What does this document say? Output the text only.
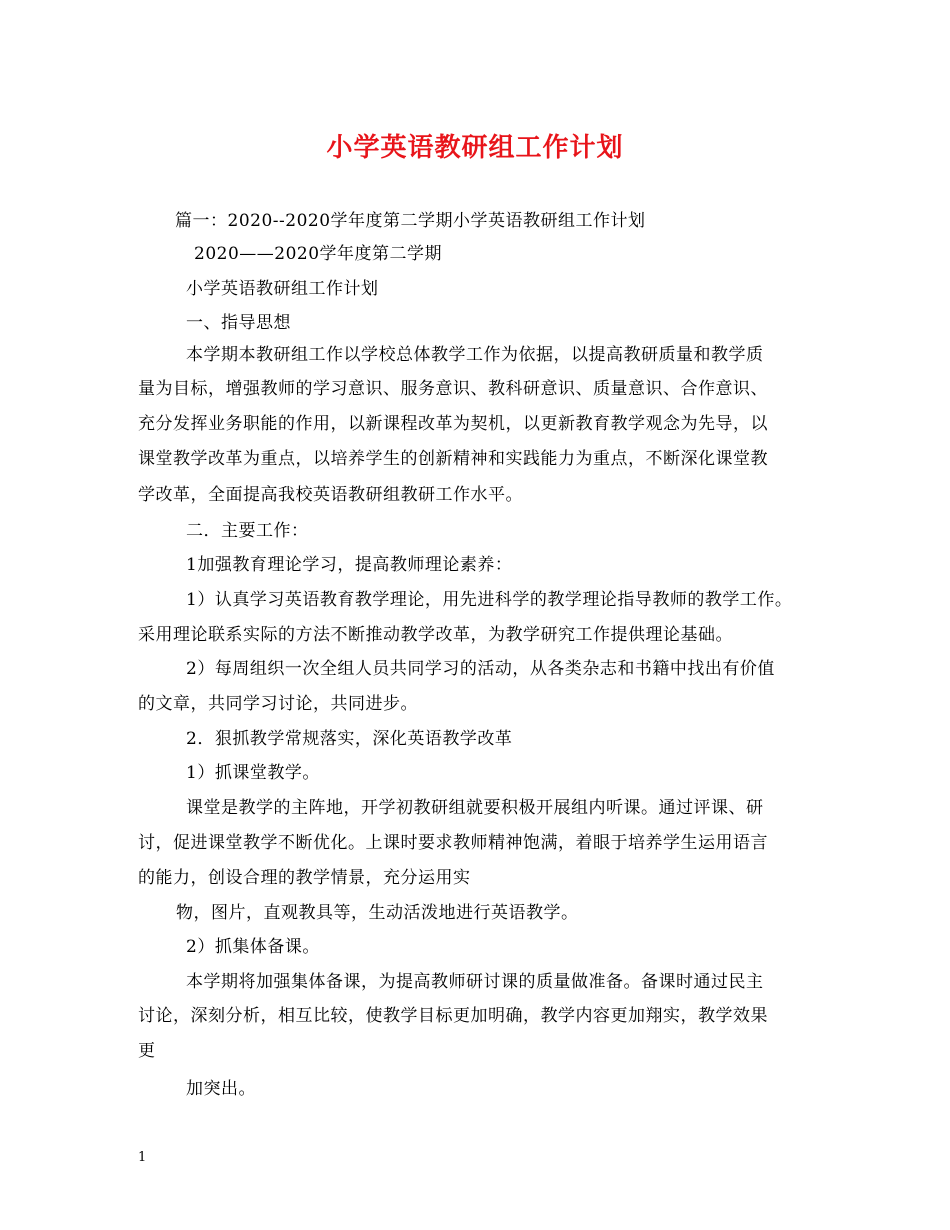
小学英语教研组工作计划
篇一：2020--2020学年度第二学期小学英语教研组工作计划
2020——2020学年度第二学期
小学英语教研组工作计划
一、指导思想
本学期本教研组工作以学校总体教学工作为依据，以提高教研质量和教学质
量为目标，增强教师的学习意识、服务意识、教科研意识、质量意识、合作意识、
充分发挥业务职能的作用，以新课程改革为契机，以更新教育教学观念为先导，以
课堂教学改革为重点，以培养学生的创新精神和实践能力为重点，不断深化课堂教
学改革，全面提高我校英语教研组教研工作水平。
二．主要工作：
1加强教育理论学习，提高教师理论素养：
1）认真学习英语教育教学理论，用先进科学的教学理论指导教师的教学工作。
采用理论联系实际的方法不断推动教学改革，为教学研究工作提供理论基础。
2）每周组织一次全组人员共同学习的活动，从各类杂志和书籍中找出有价值
的文章，共同学习讨论，共同进步。
2．狠抓教学常规落实，深化英语教学改革
1）抓课堂教学。
课堂是教学的主阵地，开学初教研组就要积极开展组内听课。通过评课、研
讨，促进课堂教学不断优化。上课时要求教师精神饱满，着眼于培养学生运用语言
的能力，创设合理的教学情景，充分运用实
物，图片，直观教具等，生动活泼地进行英语教学。
2）抓集体备课。
本学期将加强集体备课，为提高教师研讨课的质量做准备。备课时通过民主
讨论，深刻分析，相互比较，使教学目标更加明确，教学内容更加翔实，教学效果
更
加突出。
1
